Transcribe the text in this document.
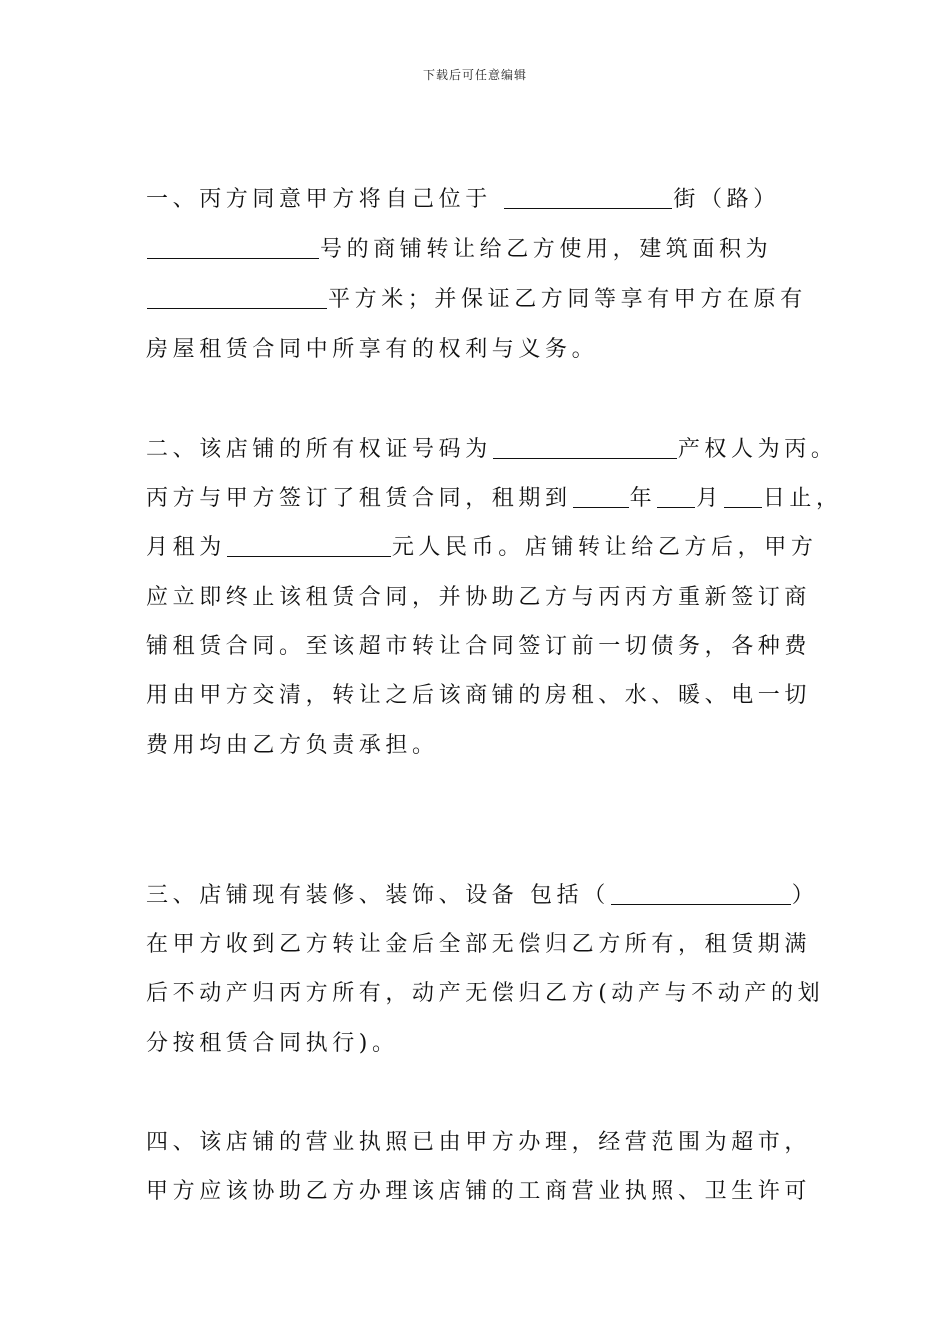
下载后可任意编辑
一、丙方同意甲方将自己位于	街（路）
号的商铺转让给乙方使用，建筑面积为
平方米；并保证乙方同等享有甲方在原有
房屋租赁合同中所享有的权利与义务。
二、该店铺的所有权证号码为	产权人为丙。
丙方与甲方签订了租赁合同，租期到	年 月 日止，
月租为	元人民币。店铺转让给乙方后，甲方
应立即终止该租赁合同，并协助乙方与丙丙方重新签订商
铺租赁合同。至该超市转让合同签订前一切债务，各种费
用由甲方交清，转让之后该商铺的房租、水、暖、电一切
费用均由乙方负责承担。
三、店铺现有装修、装饰、设备 包括（	）
在甲方收到乙方转让金后全部无偿归乙方所有，租赁期满
后不动产归丙方所有，动产无偿归乙方(动产与不动产的划
分按租赁合同执行)。
四、该店铺的营业执照已由甲方办理，经营范围为超市，
甲方应该协助乙方办理该店铺的工商营业执照、卫生许可
